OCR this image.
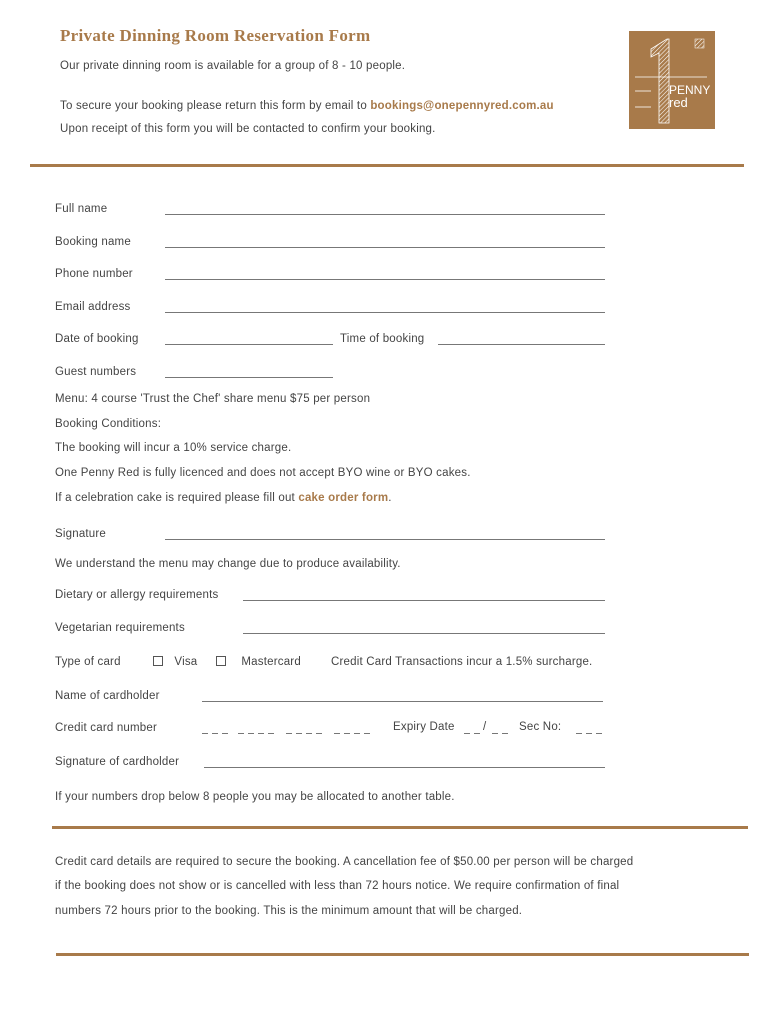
Private Dinning Room Reservation Form
Our private dinning room is available for a group of 8 - 10 people.
To secure your booking please return this form by email to bookings@onepennyred.com.au
Upon receipt of this form you will be contacted to confirm your booking.
PENNY
red
Full name
Booking name
Phone number
Email address
Date of booking	Time of booking
Guest numbers
Menu: 4 course 'Trust the Chef' share menu $75 per person
Booking Conditions:
The booking will incur a 10% service charge.
One Penny Red is fully licenced and does not accept BYO wine or BYO cakes.
If a celebration cake is required please fill out cake order form.
Signature
We understand the menu may change due to produce availability.
Dietary or allergy requirements
Vegetarian requirements
Type of card	Visa	Mastercard	Credit Card Transactions incur a 1.5% surcharge.
Name of cardholder
Credit card number	Expiry Date /	Sec No:
Signature of cardholder
If your numbers drop below 8 people you may be allocated to another table.
Credit card details are required to secure the booking. A cancellation fee of $50.00 per person will be charged
if the booking does not show or is cancelled with less than 72 hours notice. We require confirmation of final
numbers 72 hours prior to the booking. This is the minimum amount that will be charged.
